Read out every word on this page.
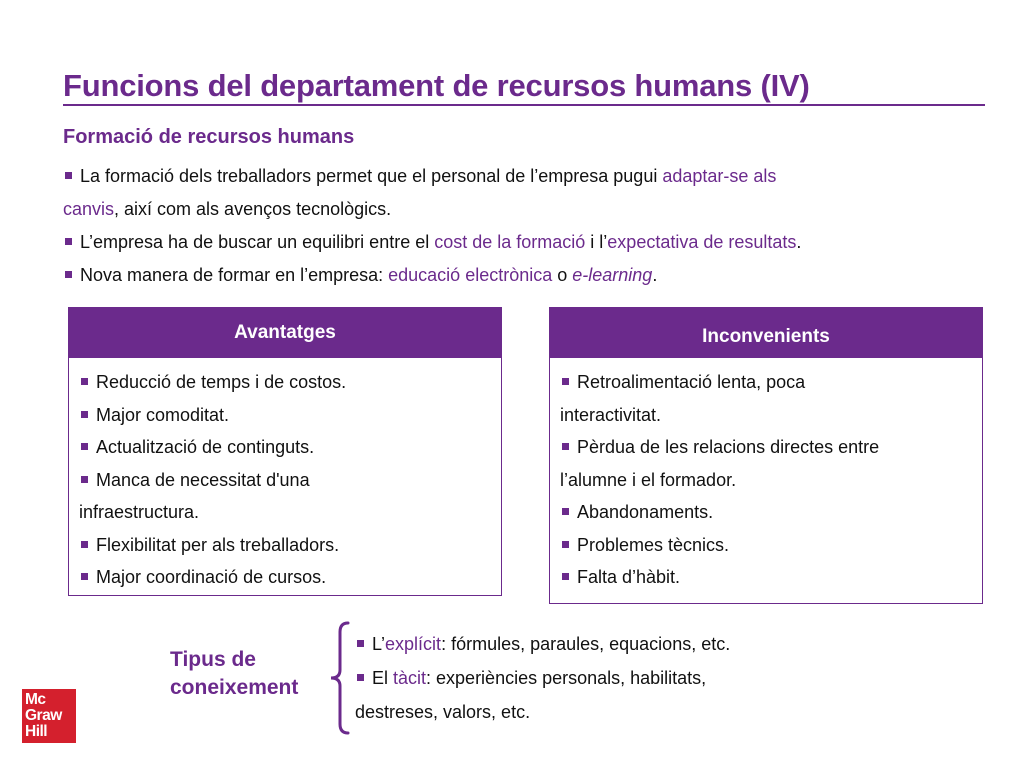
Funcions del departament de recursos humans (IV)
Formació de recursos humans
La formació dels treballadors permet que el personal de l’empresa pugui adaptar-se als
canvis, així com als avenços tecnològics.
L’empresa ha de buscar un equilibri entre el cost de la formació i l’expectativa de resultats.
Nova manera de formar en l’empresa: educació electrònica o e-learning.
Avantatges
Reducció de temps i de costos.
Major comoditat.
Actualització de continguts.
Manca de necessitat d'una
infraestructura.
Flexibilitat per als treballadors.
Major coordinació de cursos.
Inconvenients
Retroalimentació lenta, poca
interactivitat.
Pèrdua de les relacions directes entre
l’alumne i el formador.
Abandonaments.
Problemes tècnics.
Falta d’hàbit.
Tipus de
coneixement
L’explícit: fórmules, paraules, equacions, etc.
El tàcit: experiències personals, habilitats,
destreses, valors, etc.
Mc
Graw
Hill
